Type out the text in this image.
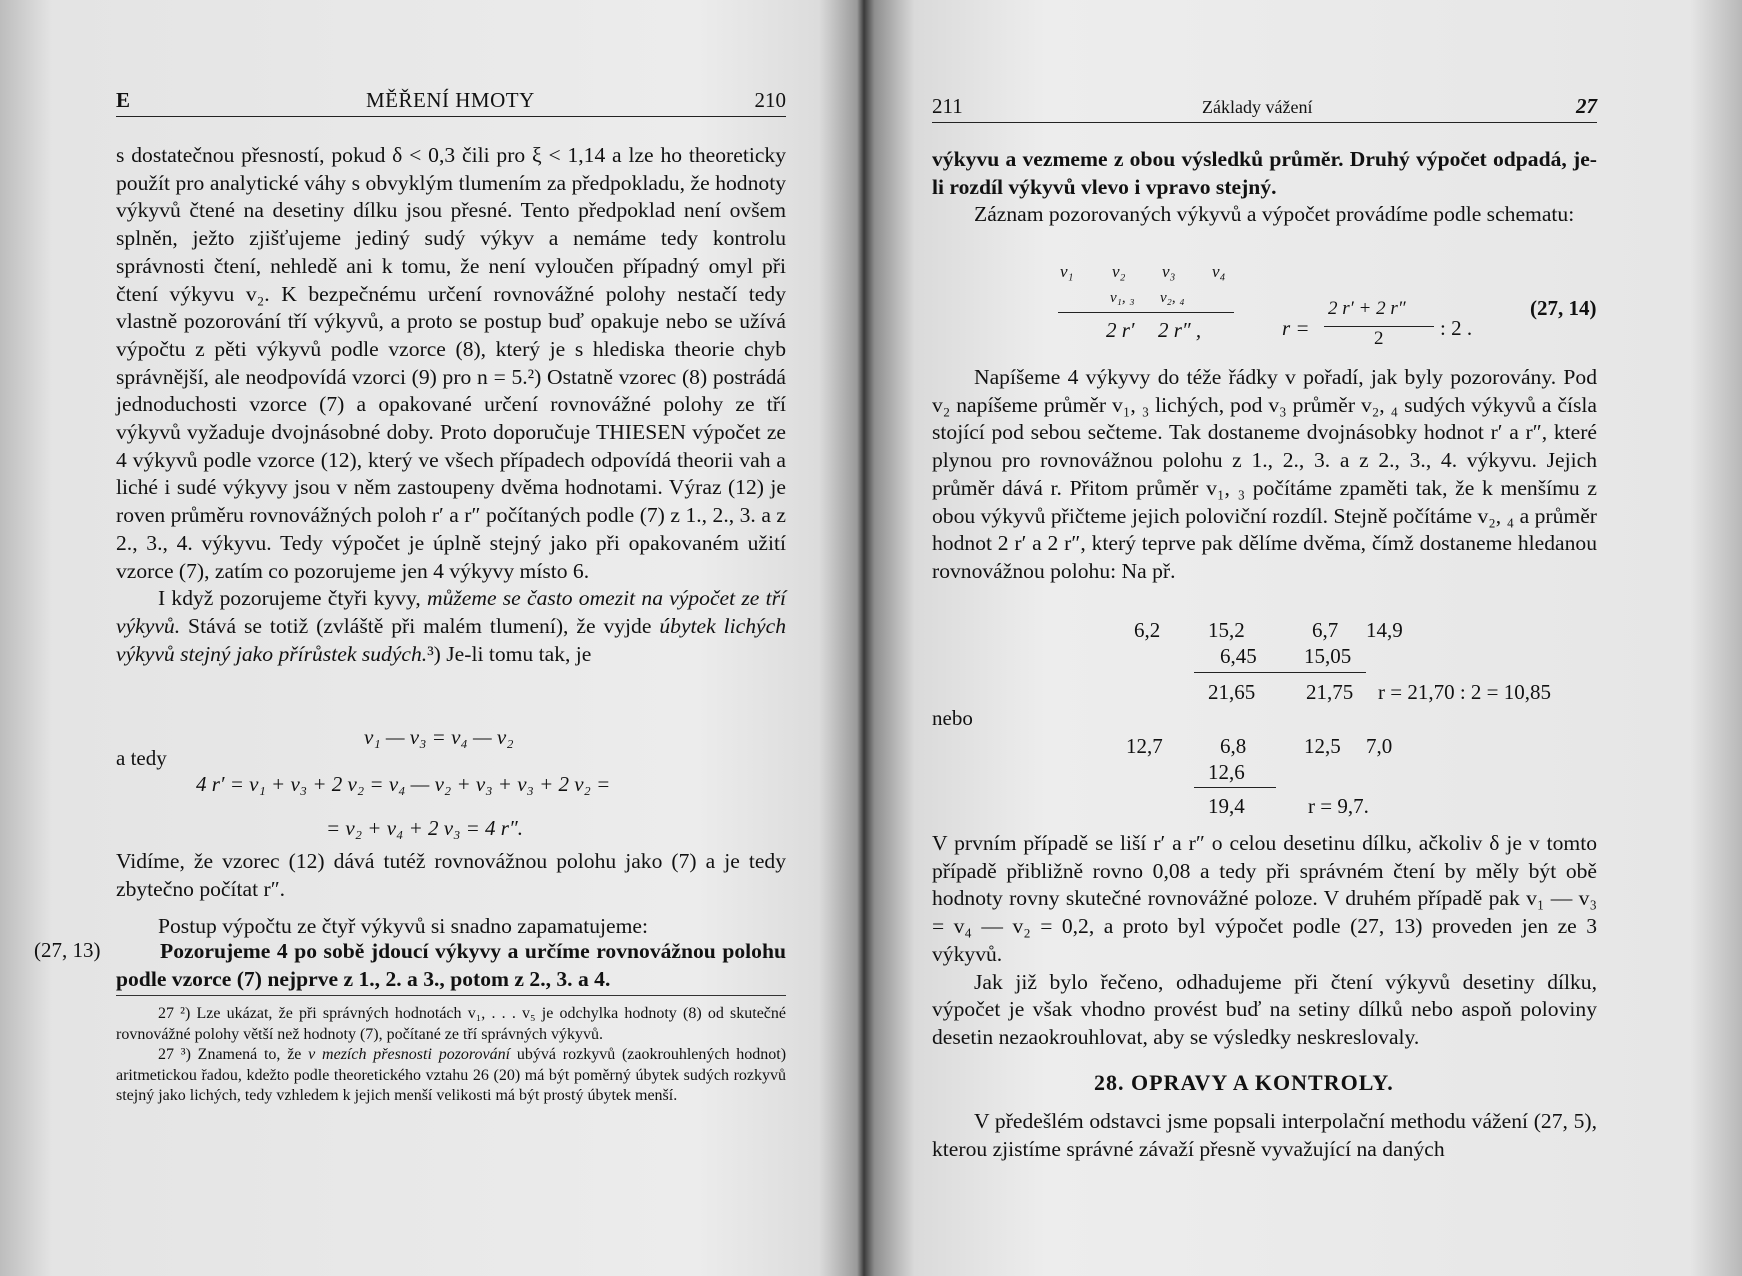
E	MĚŘENÍ HMOTY	210

s dostatečnou přesností, pokud δ < 0,3 čili pro ξ < 1,14 a lze ho theoreticky použít pro analytické váhy s obvyklým tlumením za předpokladu, že hodnoty výkyvů čtené na desetiny dílku jsou přesné. Tento předpoklad není ovšem splněn, ježto zjišťujeme jediný sudý výkyv a nemáme tedy kontrolu správnosti čtení, nehledě ani k tomu, že není vyloučen případný omyl při čtení výkyvu v₂. K bezpečnému určení rovnovážné polohy nestačí tedy vlastně pozorování tří výkyvů, a proto se postup buď opakuje nebo se užívá výpočtu z pěti výkyvů podle vzorce (8), který je s hlediska theorie chyb správnější, ale neodpovídá vzorci (9) pro n = 5.²) Ostatně vzorec (8) postrádá jednoduchosti vzorce (7) a opakované určení rovnovážné polohy ze tří výkyvů vyžaduje dvojnásobné doby. Proto doporučuje THIESEN výpočet ze 4 výkyvů podle vzorce (12), který ve všech případech odpovídá theorii vah a liché i sudé výkyvy jsou v něm zastoupeny dvěma hodnotami. Výraz (12) je roven průměru rovnovážných poloh r′ a r″ počítaných podle (7) z 1., 2., 3. a z 2., 3., 4. výkyvu. Tedy výpočet je úplně stejný jako při opakovaném užití vzorce (7), zatím co pozorujeme jen 4 výkyvy místo 6.

I když pozorujeme čtyři kyvy, můžeme se často omezit na výpočet ze tří výkyvů. Stává se totiž (zvláště při malém tlumení), že vyjde úbytek lichých výkyvů stejný jako přírůstek sudých.³) Je-li tomu tak, je

v₁ — v₃ = v₄ — v₂
a tedy
4 r′ = v₁ + v₃ + 2 v₂ = v₄ — v₂ + v₃ + v₃ + 2 v₂ =
= v₂ + v₄ + 2 v₃ = 4 r″.

Vidíme, že vzorec (12) dává tutéž rovnovážnou polohu jako (7) a je tedy zbytečno počítat r″.

Postup výpočtu ze čtyř výkyvů si snadno zapamatujeme:

(27, 13)	Pozorujeme 4 po sobě jdoucí výkyvy a určíme rovnovážnou polohu podle vzorce (7) nejprve z 1., 2. a 3., potom z 2., 3. a 4.

27 ²) Lze ukázat, že při správných hodnotách v₁, . . . v₅ je odchylka hodnoty (8) od skutečné rovnovážné polohy větší než hodnoty (7), počítané ze tří správných výkyvů.

27 ³) Znamená to, že v mezích přesnosti pozorování ubývá rozkyvů (zaokrouhlených hodnot) aritmetickou řadou, kdežto podle theoretického vztahu 26 (20) má být poměrný úbytek sudých rozkyvů stejný jako lichých, tedy vzhledem k jejich menší velikosti má být prostý úbytek menší.

211	Základy vážení	27

výkyvu a vezmeme z obou výsledků průměr. Druhý výpočet odpadá, je-li rozdíl výkyvů vlevo i vpravo stejný.

Záznam pozorovaných výkyvů a výpočet provádíme podle schematu:

v₁ v₂ v₃ v₄
v₁, ₃ v₂, ₄
2 r′ 2 r″ ,	r =
2 r′ + 2 r″
2	: 2 .
(27, 14)

Napíšeme 4 výkyvy do téže řádky v pořadí, jak byly pozorovány. Pod v₂ napíšeme průměr v₁, ₃ lichých, pod v₃ průměr v₂, ₄ sudých výkyvů a čísla stojící pod sebou sečteme. Tak dostaneme dvojnásobky hodnot r′ a r″, které plynou pro rovnovážnou polohu z 1., 2., 3. a z 2., 3., 4. výkyvu. Jejich průměr dává r. Přitom průměr v₁, ₃ počítáme zpaměti tak, že k menšímu z obou výkyvů přičteme jejich poloviční rozdíl. Stejně počítáme v₂, ₄ a průměr hodnot 2 r′ a 2 r″, který teprve pak dělíme dvěma, čímž dostaneme hledanou rovnovážnou polohu: Na př.

6,2 15,2	6,7 14,9
6,45 15,05
21,65 21,75 r = 21,70 : 2 = 10,85
nebo
12,7	6,8	12,5 7,0
12,6
19,4	r = 9,7.

V prvním případě se liší r′ a r″ o celou desetinu dílku, ačkoliv δ je v tomto případě přibližně rovno 0,08 a tedy při správném čtení by měly být obě hodnoty rovny skutečné rovnovážné poloze. V druhém případě pak v₁ — v₃ = v₄ — v₂ = 0,2, a proto byl výpočet podle (27, 13) proveden jen ze 3 výkyvů.

Jak již bylo řečeno, odhadujeme při čtení výkyvů desetiny dílku, výpočet je však vhodno provést buď na setiny dílků nebo aspoň poloviny desetin nezaokrouhlovat, aby se výsledky neskreslovaly.

28. OPRAVY A KONTROLY.

V předešlém odstavci jsme popsali interpolační methodu vážení (27, 5), kterou zjistíme správné závaží přesně vyvažující na daných
